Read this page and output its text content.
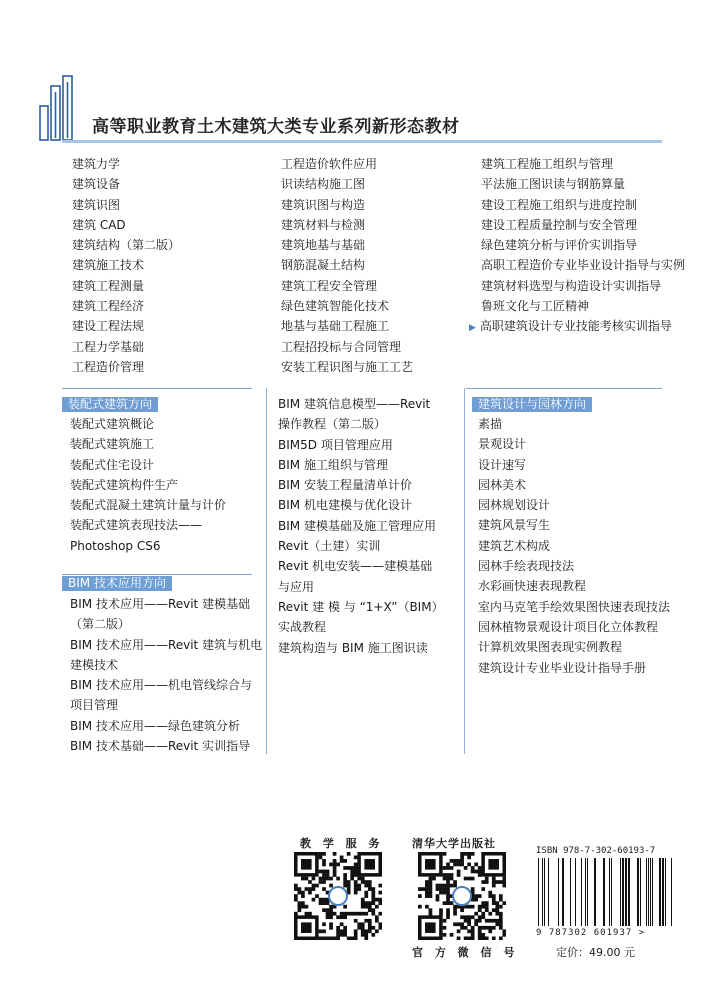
高等职业教育土木建筑大类专业系列新形态教材
建筑力学
建筑设备
建筑识图
建筑 CAD
建筑结构（第二版）
建筑施工技术
建筑工程测量
建筑工程经济
建设工程法规
工程力学基础
工程造价管理
工程造价软件应用
识读结构施工图
建筑识图与构造
建筑材料与检测
建筑地基与基础
钢筋混凝土结构
建筑工程安全管理
绿色建筑智能化技术
地基与基础工程施工
工程招投标与合同管理
安装工程识图与施工工艺
建筑工程施工组织与管理
平法施工图识读与钢筋算量
建设工程施工组织与进度控制
建设工程质量控制与安全管理
绿色建筑分析与评价实训指导
高职工程造价专业毕业设计指导与实例
建筑材料选型与构造设计实训指导
鲁班文化与工匠精神
▶ 高职建筑设计专业技能考核实训指导
装配式建筑方向
装配式建筑概论
装配式建筑施工
装配式住宅设计
装配式建筑构件生产
装配式混凝土建筑计量与计价
装配式建筑表现技法——
Photoshop CS6
BIM 技术应用方向
BIM 技术应用——Revit 建模基础
（第二版）
BIM 技术应用——Revit 建筑与机电
建模技术
BIM 技术应用——机电管线综合与
项目管理
BIM 技术应用——绿色建筑分析
BIM 技术基础——Revit 实训指导
BIM 建筑信息模型——Revit
操作教程（第二版）
BIM5D 项目管理应用
BIM 施工组织与管理
BIM 安装工程量清单计价
BIM 机电建模与优化设计
BIM 建模基础及施工管理应用
Revit（土建）实训
Revit 机电安装——建模基础
与应用
Revit 建 模 与 “1+X”（BIM）
实战教程
建筑构造与 BIM 施工图识读
建筑设计与园林方向
素描
景观设计
设计速写
园林美术
园林规划设计
建筑风景写生
建筑艺术构成
园林手绘表现技法
水彩画快速表现教程
室内马克笔手绘效果图快速表现技法
园林植物景观设计项目化立体教程
计算机效果图表现实例教程
建筑设计专业毕业设计指导手册
教 学 服 务	清华大学出版社
官 方 微 信 号
ISBN 978-7-302-60193-7
9 787302 601937 >
定价：49.00 元
